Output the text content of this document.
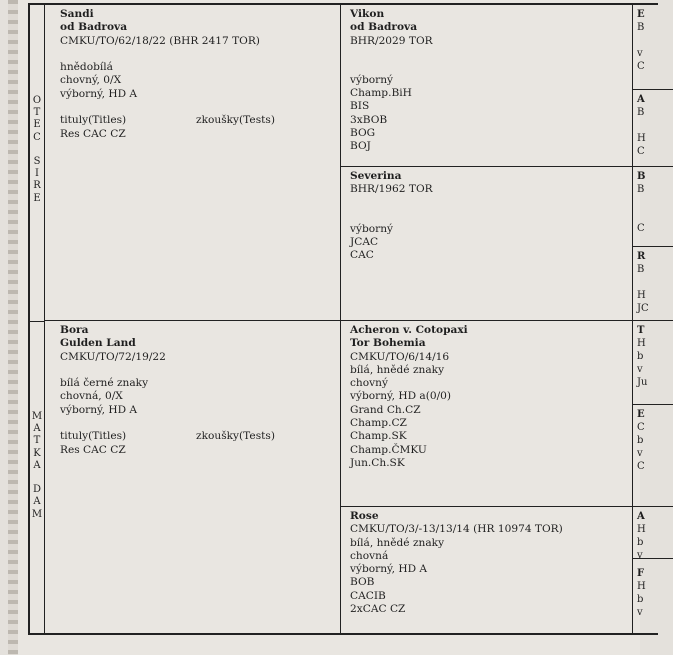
O
T
E
C

S
I
R
E
M
A
T
K
A

D
A
M
Sandi
od Badrova
CMKU/TO/62/18/22 (BHR 2417 TOR)
hnědobílá
chovný, 0/X
výborný, HD A
tituly(Titles)	zkoušky(Tests)
Res CAC CZ
Bora
Gulden Land
CMKU/TO/72/19/22
bílá černé znaky
chovná, 0/X
výborný, HD A
tituly(Titles)	zkoušky(Tests)
Res CAC CZ
Vikon
od Badrova
BHR/2029 TOR
výborný
Champ.BiH
BIS
3xBOB
BOG
BOJ
Severina
BHR/1962 TOR
výborný
JCAC
CAC
Acheron v. Cotopaxi
Tor Bohemia
CMKU/TO/6/14/16
bílá, hnědé znaky
chovný
výborný, HD a(0/0)
Grand Ch.CZ
Champ.CZ
Champ.SK
Champ.ČMKU
Jun.Ch.SK
Rose
CMKU/TO/3/-13/13/14 (HR 10974 TOR)
bílá, hnědé znaky
chovná
výborný, HD A
BOB
CACIB
2xCAC CZ
E
B
v
C
A
B
H
C
B
B
C
R
B
H
JC
T
H
b
v
Ju
E
C
b
v
C
A
H
b
v
F
H
b
v
